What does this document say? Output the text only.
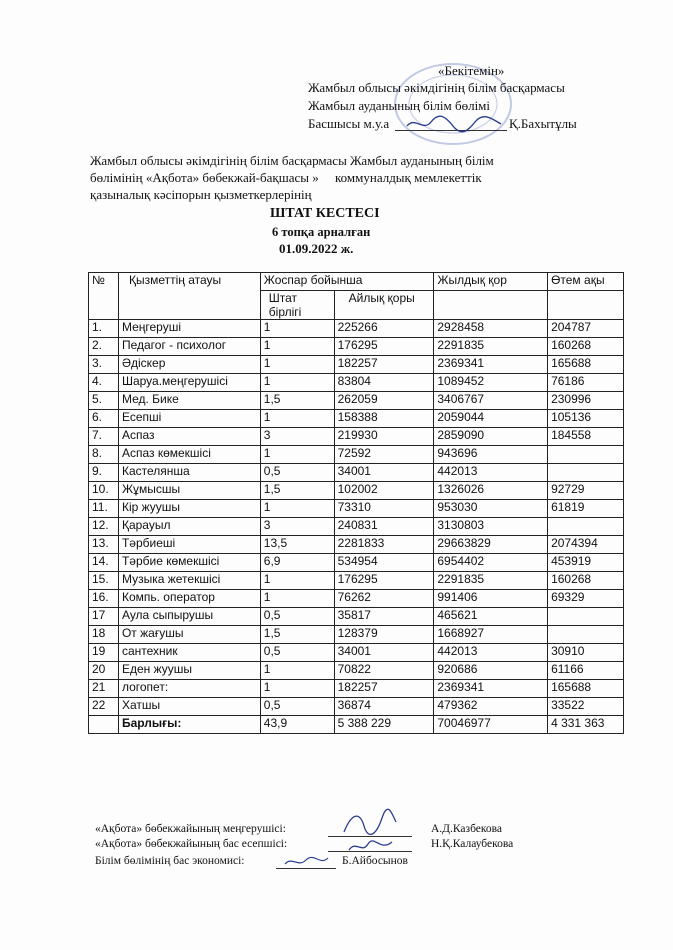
«Бекітемін»
Жамбыл облысы әкімдігінің білім басқармасы
Жамбыл ауданының білім бөлімі
Басшысы м.у.а	Қ.Бахытұлы
Жамбыл облысы әкімдігінің білім басқармасы Жамбыл ауданының білім
бөлімінің «Ақбота» бөбекжай-бақшасы »     коммуналдық мемлекеттік
қазыналық кәсіпорын қызметкерлерінің
ШТАТ КЕСТЕСІ
6 топқа арналған
01.09.2022 ж.
№	Қызметтің атауы	Жоспар бойынша		Жылдық қор	Өтем ақы
		Штат бірлігі	Айлық қоры		
1.	Меңгеруші	1	225266	2928458	204787
2.	Педагог - психолог	1	176295	2291835	160268
3.	Әдіскер	1	182257	2369341	165688
4.	Шаруа.меңгерушісі	1	83804	1089452	76186
5.	Мед. Бике	1,5	262059	3406767	230996
6.	Есепші	1	158388	2059044	105136
7.	Аспаз	3	219930	2859090	184558
8.	Аспаз көмекшісі	1	72592	943696	
9.	Кастелянша	0,5	34001	442013	
10.	Жұмысшы	1,5	102002	1326026	92729
11.	Кір жуушы	1	73310	953030	61819
12.	Қарауыл	3	240831	3130803	
13.	Тәрбиеші	13,5	2281833	29663829	2074394
14.	Тәрбие көмекшісі	6,9	534954	6954402	453919
15.	Музыка жетекшісі	1	176295	2291835	160268
16.	Компь. оператор	1	76262	991406	69329
17	Аула сыпырушы	0,5	35817	465621	
18	От жағушы	1,5	128379	1668927	
19	сантехник	0,5	34001	442013	30910
20	Еден жуушы	1	70822	920686	61166
21	логопет:	1	182257	2369341	165688
22	Хатшы	0,5	36874	479362	33522
	Барлығы:	43,9	5 388 229	70046977	4 331 363
«Ақбота» бөбекжайының меңгерушісі:	А.Д.Казбекова
«Ақбота» бөбекжайының бас есепшісі:	Н.Қ.Калаубекова
Білім бөлімінің бас экономисі:	Б.Айбосынов
